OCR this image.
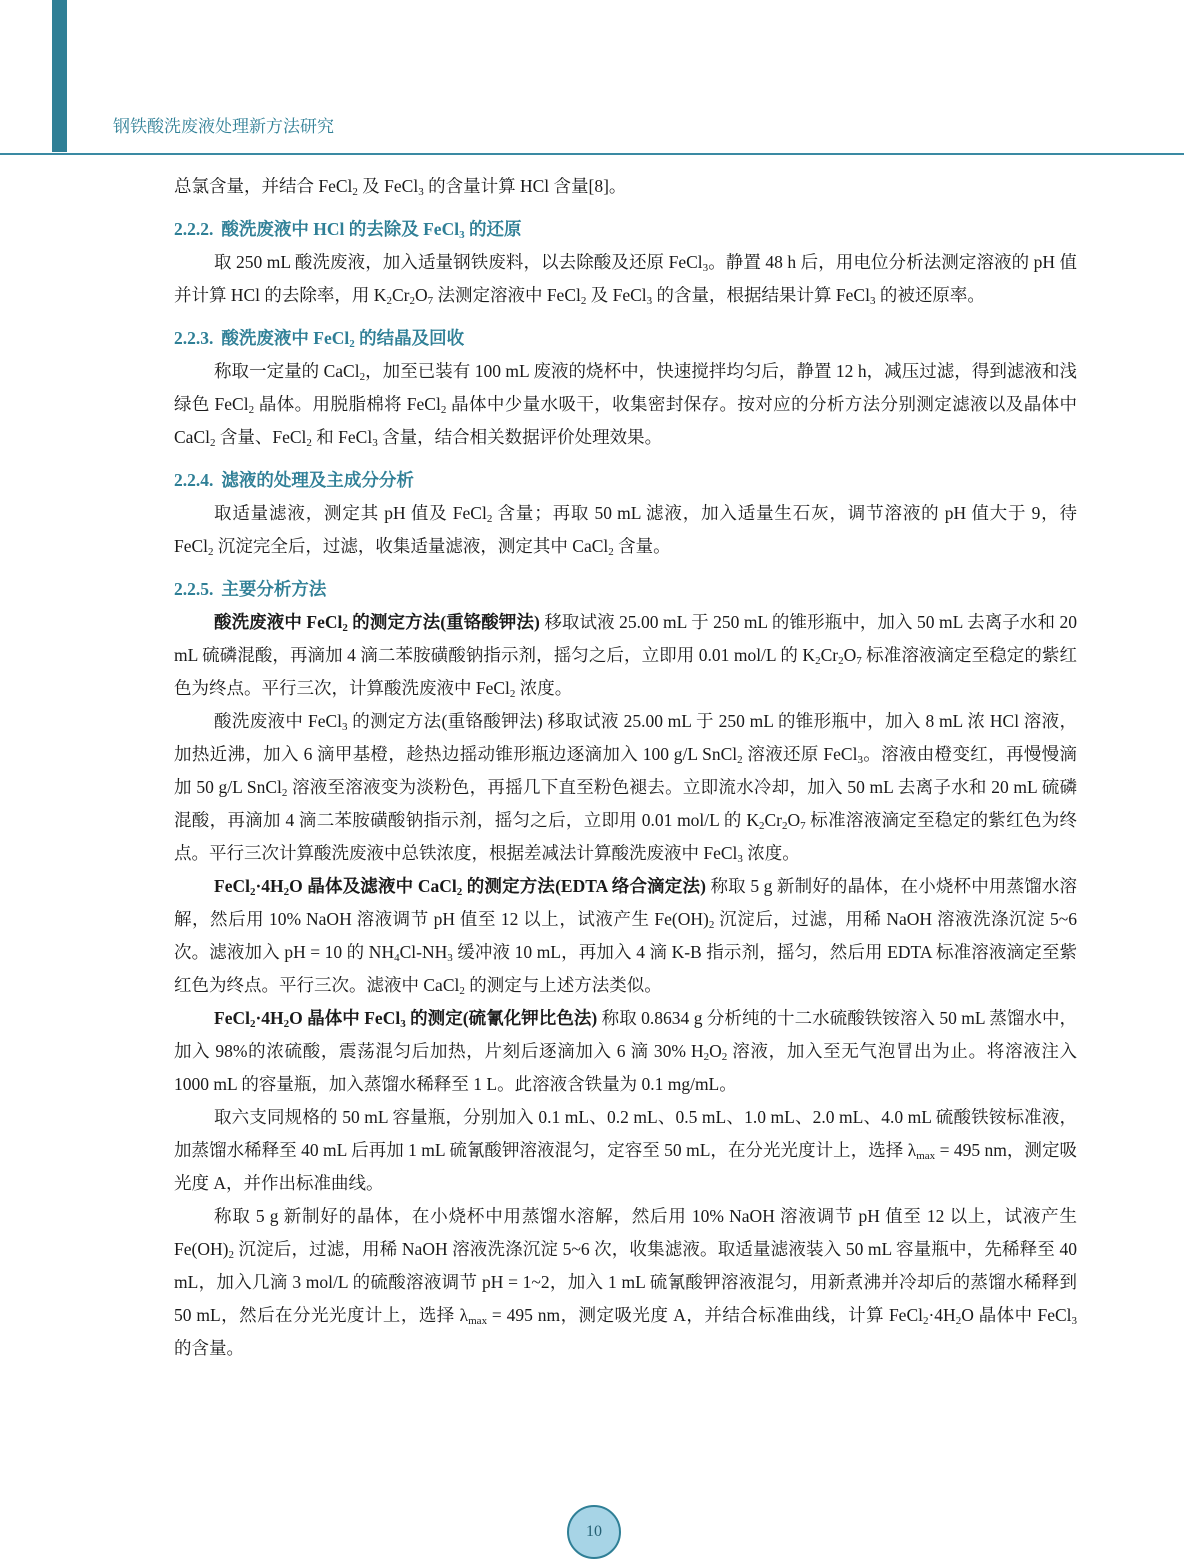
钢铁酸洗废液处理新方法研究

总氯含量，并结合 FeCl$_2$ 及 FeCl$_3$ 的含量计算 HCl 含量[8]。

2.2.2. 酸洗废液中 HCl 的去除及 FeCl$_3$ 的还原

取 250 mL 酸洗废液，加入适量钢铁废料，以去除酸及还原 FeCl$_3$。静置 48 h 后，用电位分析法测定溶液的 pH 值并计算 HCl 的去除率，用 $K_2Cr_2O_7$ 法测定溶液中 FeCl$_2$ 及 FeCl$_3$ 的含量，根据结果计算 FeCl$_3$ 的被还原率。

2.2.3. 酸洗废液中 FeCl$_2$ 的结晶及回收

称取一定量的 CaCl$_2$，加至已装有 100 mL 废液的烧杯中，快速搅拌均匀后，静置 12 h，减压过滤，得到滤液和浅绿色 FeCl$_2$ 晶体。用脱脂棉将 FeCl$_2$ 晶体中少量水吸干，收集密封保存。按对应的分析方法分别测定滤液以及晶体中 CaCl$_2$ 含量、FeCl$_2$ 和 FeCl$_3$ 含量，结合相关数据评价处理效果。

2.2.4. 滤液的处理及主成分分析

取适量滤液，测定其 pH 值及 FeCl$_2$ 含量；再取 50 mL 滤液，加入适量生石灰，调节溶液的 pH 值大于 9，待 FeCl$_2$ 沉淀完全后，过滤，收集适量滤液，测定其中 CaCl$_2$ 含量。

2.2.5. 主要分析方法

酸洗废液中 FeCl$_2$ 的测定方法(重铬酸钾法) 移取试液 25.00 mL 于 250 mL 的锥形瓶中，加入 50 mL 去离子水和 20 mL 硫磷混酸，再滴加 4 滴二苯胺磺酸钠指示剂，摇匀之后，立即用 0.01 mol/L 的 $K_2Cr_2O_7$ 标准溶液滴定至稳定的紫红色为终点。平行三次，计算酸洗废液中 FeCl$_2$ 浓度。

酸洗废液中 FeCl$_3$ 的测定方法(重铬酸钾法) 移取试液 25.00 mL 于 250 mL 的锥形瓶中，加入 8 mL 浓 HCl 溶液，加热近沸，加入 6 滴甲基橙，趁热边摇动锥形瓶边逐滴加入 100 g/L SnCl$_2$ 溶液还原 FeCl$_3$。溶液由橙变红，再慢慢滴加 50 g/L SnCl$_2$ 溶液至溶液变为淡粉色，再摇几下直至粉色褪去。立即流水冷却，加入 50 mL 去离子水和 20 mL 硫磷混酸，再滴加 4 滴二苯胺磺酸钠指示剂，摇匀之后，立即用 0.01 mol/L 的 $K_2Cr_2O_7$ 标准溶液滴定至稳定的紫红色为终点。平行三次计算酸洗废液中总铁浓度，根据差减法计算酸洗废液中 FeCl$_3$ 浓度。

$FeCl_2\cdot 4H_2O$ 晶体及滤液中 CaCl$_2$ 的测定方法(EDTA 络合滴定法) 称取 5 g 新制好的晶体，在小烧杯中用蒸馏水溶解，然后用 10% NaOH 溶液调节 pH 值至 12 以上，试液产生 $Fe(OH)_2$ 沉淀后，过滤，用稀 NaOH 溶液洗涤沉淀 5~6 次。滤液加入 pH = 10 的 $NH_4Cl-NH_3$ 缓冲液 10 mL，再加入 4 滴 K-B 指示剂，摇匀，然后用 EDTA 标准溶液滴定至紫红色为终点。平行三次。滤液中 CaCl$_2$ 的测定与上述方法类似。

$FeCl_2\cdot 4H_2O$ 晶体中 FeCl$_3$ 的测定(硫氰化钾比色法) 称取 0.8634 g 分析纯的十二水硫酸铁铵溶入 50 mL 蒸馏水中，加入 98%的浓硫酸，震荡混匀后加热，片刻后逐滴加入 6 滴 30% $H_2O_2$ 溶液，加入至无气泡冒出为止。将溶液注入 1000 mL 的容量瓶，加入蒸馏水稀释至 1 L。此溶液含铁量为 0.1 mg/mL。

取六支同规格的 50 mL 容量瓶，分别加入 0.1 mL、0.2 mL、0.5 mL、1.0 mL、2.0 mL、4.0 mL 硫酸铁铵标准液，加蒸馏水稀释至 40 mL 后再加 1 mL 硫氰酸钾溶液混匀，定容至 50 mL，在分光光度计上，选择 $\lambda_{max} = 495$ nm，测定吸光度 A，并作出标准曲线。

称取 5 g 新制好的晶体，在小烧杯中用蒸馏水溶解，然后用 10% NaOH 溶液调节 pH 值至 12 以上，试液产生 $Fe(OH)_2$ 沉淀后，过滤，用稀 NaOH 溶液洗涤沉淀 5~6 次，收集滤液。取适量滤液装入 50 mL 容量瓶中，先稀释至 40 mL，加入几滴 3 mol/L 的硫酸溶液调节 pH = 1~2，加入 1 mL 硫氰酸钾溶液混匀，用新煮沸并冷却后的蒸馏水稀释到 50 mL，然后在分光光度计上，选择 $\lambda_{max} = 495$ nm，测定吸光度 A，并结合标准曲线，计算 $FeCl_2\cdot 4H_2O$ 晶体中 FeCl$_3$ 的含量。

10
